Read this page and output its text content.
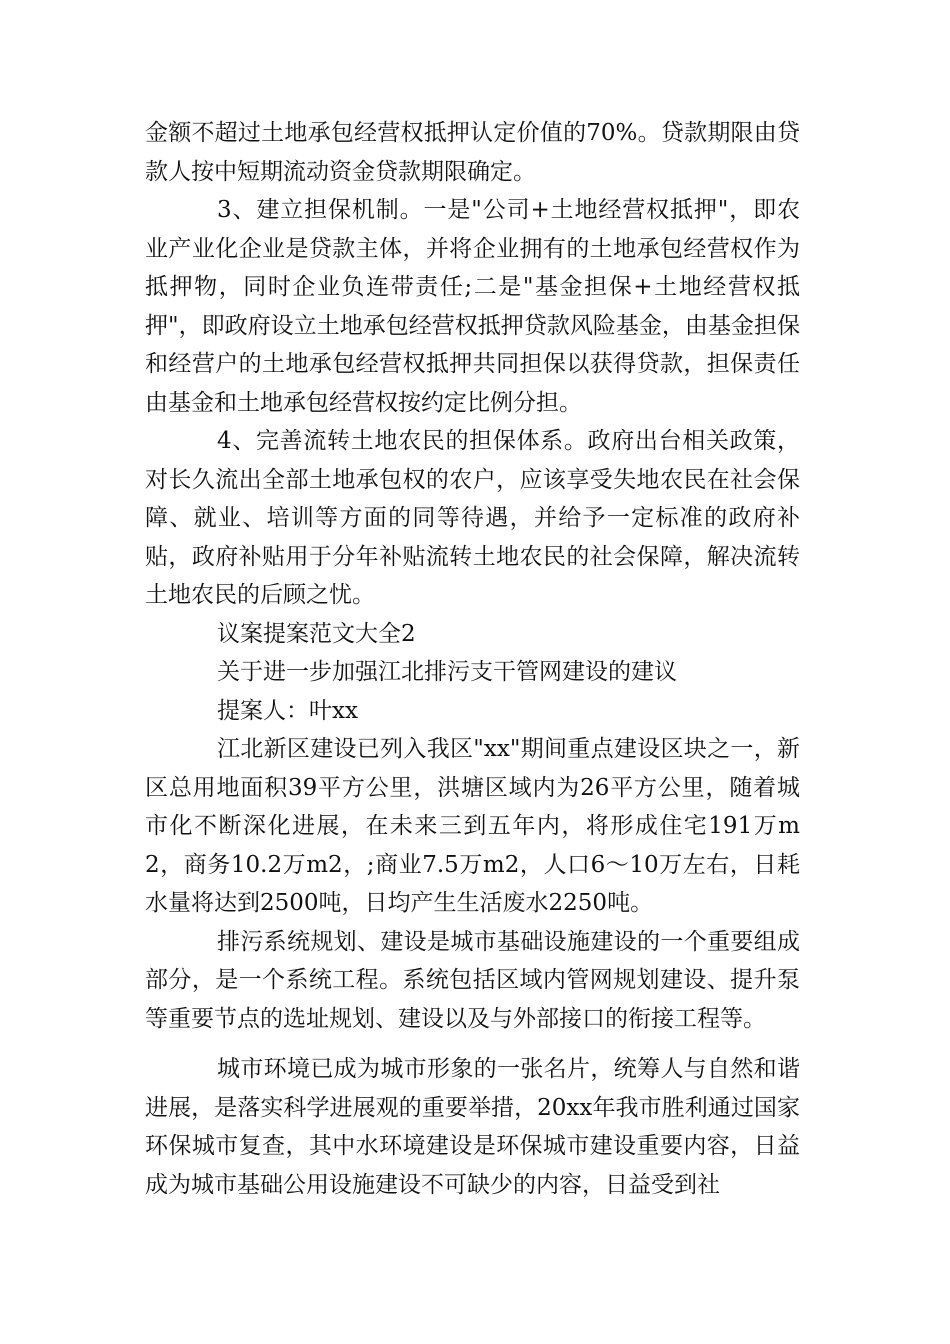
金额不超过土地承包经营权抵押认定价值的70%。贷款期限由贷款人按中短期流动资金贷款期限确定。

3、建立担保机制。一是"公司+土地经营权抵押"，即农业产业化企业是贷款主体，并将企业拥有的土地承包经营权作为抵押物，同时企业负连带责任;二是"基金担保+土地经营权抵押"，即政府设立土地承包经营权抵押贷款风险基金，由基金担保和经营户的土地承包经营权抵押共同担保以获得贷款，担保责任由基金和土地承包经营权按约定比例分担。

4、完善流转土地农民的担保体系。政府出台相关政策，对长久流出全部土地承包权的农户，应该享受失地农民在社会保障、就业、培训等方面的同等待遇，并给予一定标准的政府补贴，政府补贴用于分年补贴流转土地农民的社会保障，解决流转土地农民的后顾之忧。

议案提案范文大全2

关于进一步加强江北排污支干管网建设的建议

提案人：叶xx

江北新区建设已列入我区"xx"期间重点建设区块之一，新区总用地面积39平方公里，洪塘区域内为26平方公里，随着城市化不断深化进展，在未来三到五年内，将形成住宅191万m2，商务10.2万m2，;商业7.5万m2，人口6～10万左右，日耗水量将达到2500吨，日均产生生活废水2250吨。

排污系统规划、建设是城市基础设施建设的一个重要组成部分，是一个系统工程。系统包括区域内管网规划建设、提升泵等重要节点的选址规划、建设以及与外部接口的衔接工程等。

城市环境已成为城市形象的一张名片，统筹人与自然和谐进展，是落实科学进展观的重要举措，20xx年我市胜利通过国家环保城市复查，其中水环境建设是环保城市建设重要内容，日益成为城市基础公用设施建设不可缺少的内容，日益受到社
